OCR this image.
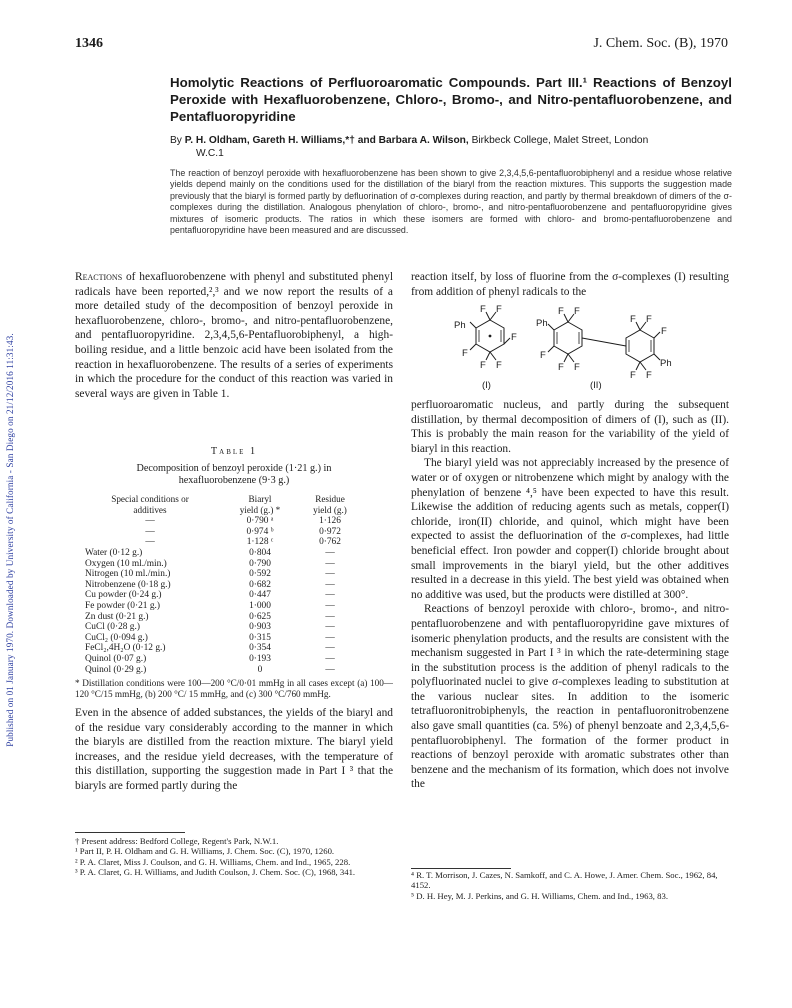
Published on 01 January 1970. Downloaded by University of California - San Diego on 21/12/2016 11:31:43.
1346	J. Chem. Soc. (B), 1970
Homolytic Reactions of Perfluoroaromatic Compounds. Part III.¹ Reactions of Benzoyl Peroxide with Hexafluorobenzene, Chloro-, Bromo-, and Nitro-pentafluorobenzene, and Pentafluoropyridine
By P. H. Oldham, Gareth H. Williams,*† and Barbara A. Wilson, Birkbeck College, Malet Street, London
W.C.1
The reaction of benzoyl peroxide with hexafluorobenzene has been shown to give 2,3,4,5,6-pentafluorobiphenyl and a residue whose relative yields depend mainly on the conditions used for the distillation of the biaryl from the reaction mixtures. This supports the suggestion made previously that the biaryl is formed partly by defluorination of σ-complexes during reaction, and partly by thermal breakdown of dimers of the σ-complexes during the distillation. Analogous phenylation of chloro-, bromo-, and nitro-pentafluorobenzene and pentafluoropyridine gives mixtures of isomeric products. The ratios in which these isomers are formed with chloro- and bromo-pentafluorobenzene and pentafluoropyridine have been measured and are discussed.

Reactions of hexafluorobenzene with phenyl and substituted phenyl radicals have been reported,²,³ and we now report the results of a more detailed study of the decomposition of benzoyl peroxide in hexafluorobenzene, chloro-, bromo-, and nitro-pentafluorobenzene, and pentafluoropyridine. 2,3,4,5,6-Pentafluorobiphenyl, a high-boiling residue, and a little benzoic acid have been isolated from the reaction in hexafluorobenzene. The results of a series of experiments in which the procedure for the conduct of this reaction was varied in several ways are given in Table 1.

Table 1
Decomposition of benzoyl peroxide (1·21 g.) in
hexafluorobenzene (9·3 g.)
Special conditions or
additives
Biaryl
yield (g.) *
Residue
yield (g.)
—	0·790 ᵃ	1·126
—	0·974 ᵇ	0·972
—	1·128 ᶜ	0·762
Water (0·12 g.)	0·804	—
Oxygen (10 ml./min.)	0·790	—
Nitrogen (10 ml./min.)	0·592	—
Nitrobenzene (0·18 g.)	0·682	—
Cu powder (0·24 g.)	0·447	—
Fe powder (0·21 g.)	1·000	—
Zn dust (0·21 g.)	0·625	—
CuCl (0·28 g.)	0·903	—
CuCl₂ (0·094 g.)	0·315	—
FeCl₂,4H₂O (0·12 g.)	0·354	—
Quinol (0·07 g.)	0·193	—
Quinol (0·29 g.)	0	—
* Distillation conditions were 100—200 °C/0·01 mmHg in all cases except (a) 100—120 °C/15 mmHg, (b) 200 °C/ 15 mmHg, and (c) 300 °C/760 mmHg.

Even in the absence of added substances, the yields of the biaryl and of the residue vary considerably according to the manner in which the biaryls are distilled from the reaction mixture. The biaryl yield increases, and the residue yield decreases, with the temperature of this distillation, supporting the suggestion made in Part I ³ that the biaryls are formed partly during the

† Present address: Bedford College, Regent's Park, N.W.1.

¹ Part II, P. H. Oldham and G. H. Williams, J. Chem. Soc. (C), 1970, 1260.

² P. A. Claret, Miss J. Coulson, and G. H. Williams, Chem. and Ind., 1965, 228.

³ P. A. Claret, G. H. Williams, and Judith Coulson, J. Chem. Soc. (C), 1968, 341.

reaction itself, by loss of fluorine from the σ-complexes (I) resulting from addition of phenyl radicals to the

Ph
F F
F
F
F F
Ph
F F
F
F F
F F
F
Ph
F F
(I)	(II)

perfluoroaromatic nucleus, and partly during the subsequent distillation, by thermal decomposition of dimers of (I), such as (II). This is probably the main reason for the variability of the yield of biaryl in this reaction.

The biaryl yield was not appreciably increased by the presence of water or of oxygen or nitrobenzene which might by analogy with the phenylation of benzene ⁴,⁵ have been expected to have this result. Likewise the addition of reducing agents such as metals, copper(I) chloride, iron(II) chloride, and quinol, which might have been expected to assist the defluorination of the σ-complexes, had little beneficial effect. Iron powder and copper(I) chloride brought about small improvements in the biaryl yield, but the other additives resulted in a decrease in this yield. The best yield was obtained when no additive was used, but the products were distilled at 300°.

Reactions of benzoyl peroxide with chloro-, bromo-, and nitro-pentafluorobenzene and with pentafluoropyridine gave mixtures of isomeric phenylation products, and the results are consistent with the mechanism suggested in Part I ³ in which the rate-determining stage in the substitution process is the addition of phenyl radicals to the polyfluorinated nuclei to give σ-complexes leading to substitution at the various nuclear sites. In addition to the isomeric tetrafluoronitrobiphenyls, the reaction in pentafluoronitrobenzene also gave small quantities (ca. 5%) of phenyl benzoate and 2,3,4,5,6-pentafluorobiphenyl. The formation of the former product in reactions of benzoyl peroxide with aromatic substrates other than benzene and the mechanism of its formation, which does not involve the

⁴ R. T. Morrison, J. Cazes, N. Samkoff, and C. A. Howe, J. Amer. Chem. Soc., 1962, 84, 4152.

⁵ D. H. Hey, M. J. Perkins, and G. H. Williams, Chem. and Ind., 1963, 83.
